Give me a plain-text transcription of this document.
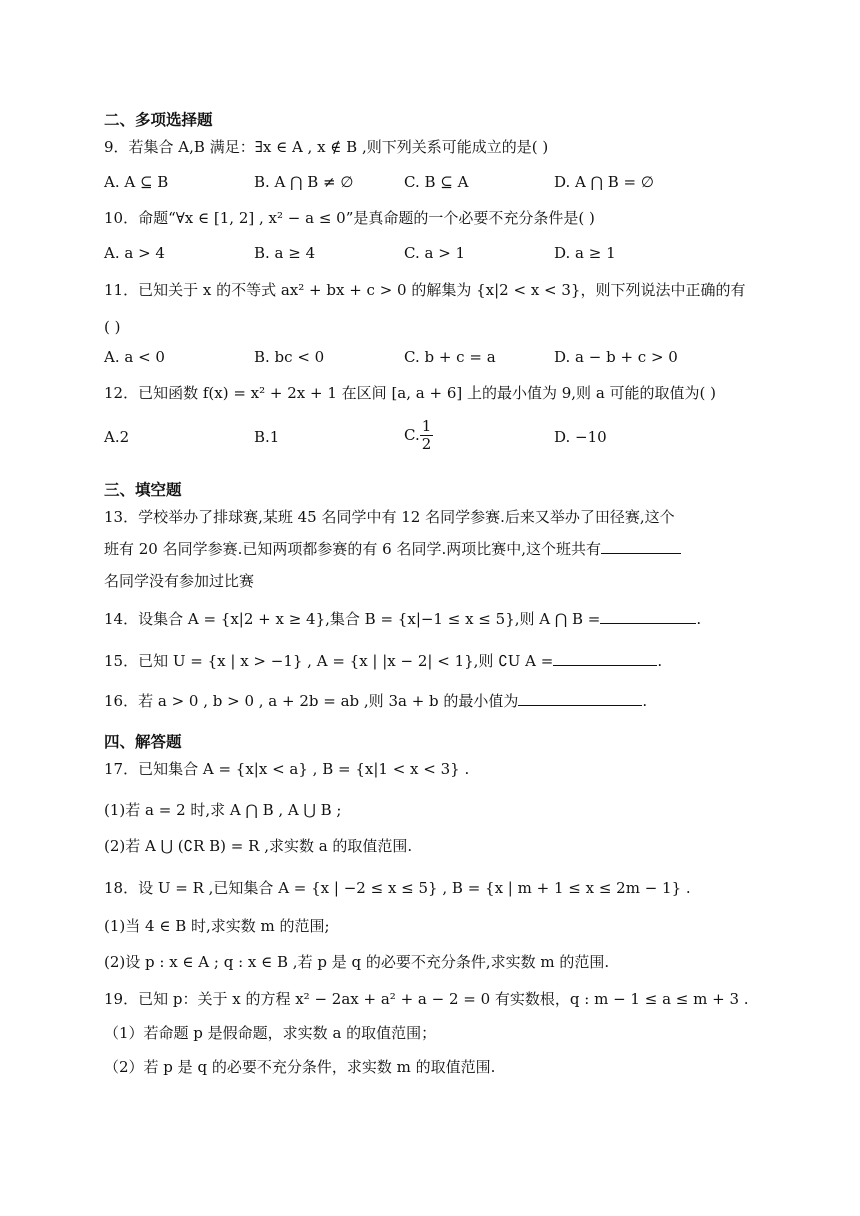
二、多项选择题
9．若集合 A,B 满足：∃x ∈ A , x ∉ B ,则下列关系可能成立的是( )
A. A ⊆ B	B. A ⋂ B ≠ ∅	C. B ⊆ A	D. A ⋂ B = ∅
10．命题“∀x ∈ [1, 2] , x² − a ≤ 0”是真命题的一个必要不充分条件是( )
A. a > 4	B. a ≥ 4	C. a > 1	D. a ≥ 1
11．已知关于 x 的不等式 ax² + bx + c > 0 的解集为 {x|2 < x < 3}，则下列说法中正确的有
( )
A. a < 0	B. bc < 0	C. b + c = a	D. a − b + c > 0
12．已知函数 f(x) = x² + 2x + 1 在区间 [a, a + 6] 上的最小值为 9,则 a 可能的取值为( )
A.2	B.1	C. $\frac{1}{2}$	D. −10
三、填空题
13．学校举办了排球赛,某班 45 名同学中有 12 名同学参赛.后来又举办了田径赛,这个
班有 20 名同学参赛.已知两项都参赛的有 6 名同学.两项比赛中,这个班共有
名同学没有参加过比赛
14．设集合 A = {x|2 + x ≥ 4},集合 B = {x|−1 ≤ x ≤ 5},则 A ⋂ B =	.
15．已知 U = {x | x > −1} , A = {x | |x − 2| < 1},则 ∁U A =	.
16．若 a > 0 , b > 0 , a + 2b = ab ,则 3a + b 的最小值为	.
四、解答题
17．已知集合 A = {x|x < a} , B = {x|1 < x < 3} .
(1)若 a = 2 时,求 A ⋂ B , A ⋃ B ;
(2)若 A ⋃ (∁R B) = R ,求实数 a 的取值范围.
18．设 U = R ,已知集合 A = {x | −2 ≤ x ≤ 5} , B = {x | m + 1 ≤ x ≤ 2m − 1} .
(1)当 4 ∈ B 时,求实数 m 的范围;
(2)设 p : x ∈ A ; q : x ∈ B ,若 p 是 q 的必要不充分条件,求实数 m 的范围.
19．已知 p：关于 x 的方程 x² − 2ax + a² + a − 2 = 0 有实数根，q : m − 1 ≤ a ≤ m + 3 .
（1）若命题 p 是假命题，求实数 a 的取值范围；
（2）若 p 是 q 的必要不充分条件，求实数 m 的取值范围.
